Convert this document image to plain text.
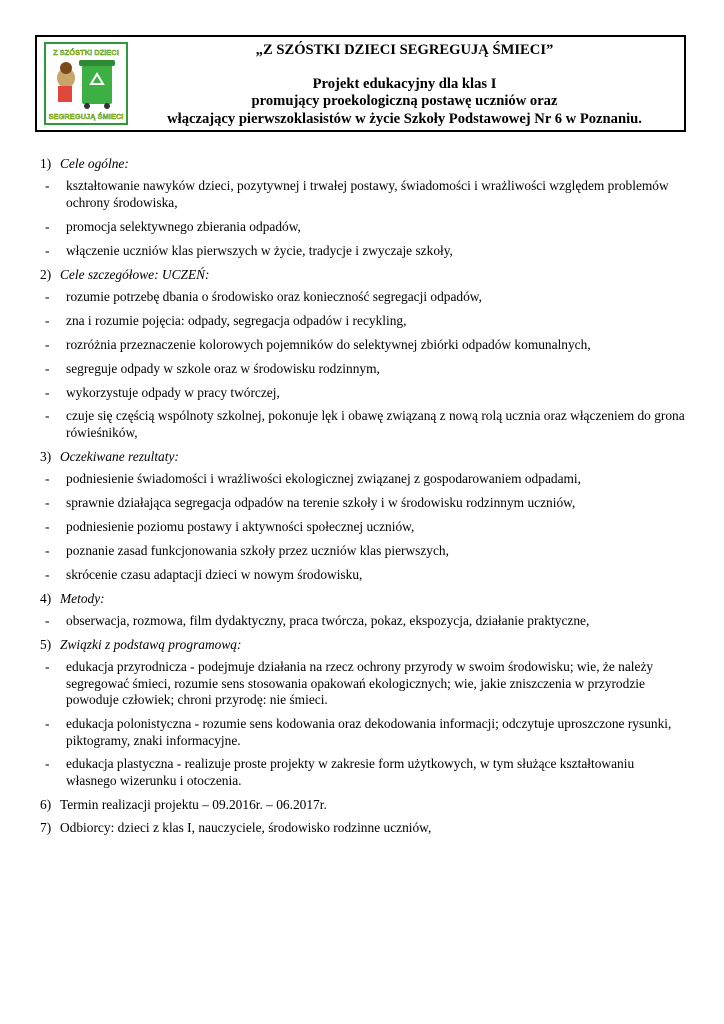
Z SZÓSTKI DZIECI
SEGREGUJĄ ŚMIECI
„Z SZÓSTKI DZIECI SEGREGUJĄ ŚMIECI”
Projekt edukacyjny dla klas I
promujący proekologiczną postawę uczniów oraz
włączający pierwszoklasistów w życie Szkoły Podstawowej Nr 6 w Poznaniu.
1) Cele ogólne:
-	kształtowanie nawyków dzieci, pozytywnej i trwałej postawy, świadomości i wrażliwości względem problemów ochrony środowiska,
-	promocja selektywnego zbierania odpadów,
-	włączenie uczniów klas pierwszych w życie, tradycje i zwyczaje szkoły,
2) Cele szczegółowe: UCZEŃ:
-	rozumie potrzebę dbania o środowisko oraz konieczność segregacji odpadów,
-	zna i rozumie pojęcia: odpady, segregacja odpadów i recykling,
-	rozróżnia przeznaczenie kolorowych pojemników do selektywnej zbiórki odpadów komunalnych,
-	segreguje odpady w szkole oraz w środowisku rodzinnym,
-	wykorzystuje odpady w pracy twórczej,
-	czuje się częścią wspólnoty szkolnej, pokonuje lęk i obawę związaną z nową rolą ucznia oraz włączeniem do grona rówieśników,
3) Oczekiwane rezultaty:
-	podniesienie świadomości i wrażliwości ekologicznej związanej z gospodarowaniem odpadami,
-	sprawnie działająca segregacja odpadów na terenie szkoły i w środowisku rodzinnym uczniów,
-	podniesienie poziomu postawy i aktywności społecznej uczniów,
-	poznanie zasad funkcjonowania szkoły przez uczniów klas pierwszych,
-	skrócenie czasu adaptacji dzieci w nowym środowisku,
4) Metody:
-	obserwacja, rozmowa, film dydaktyczny, praca twórcza, pokaz, ekspozycja, działanie praktyczne,
5) Związki z podstawą programową:
-	edukacja przyrodnicza - podejmuje działania na rzecz ochrony przyrody w swoim środowisku; wie, że należy segregować śmieci, rozumie sens stosowania opakowań ekologicznych; wie, jakie zniszczenia w przyrodzie powoduje człowiek; chroni przyrodę: nie śmieci.
-	edukacja polonistyczna - rozumie sens kodowania oraz dekodowania informacji; odczytuje uproszczone rysunki, piktogramy, znaki informacyjne.
-	edukacja plastyczna - realizuje proste projekty w zakresie form użytkowych, w tym służące kształtowaniu własnego wizerunku i otoczenia.
6) Termin realizacji projektu – 09.2016r. – 06.2017r.
7) Odbiorcy: dzieci z klas I, nauczyciele, środowisko rodzinne uczniów,
